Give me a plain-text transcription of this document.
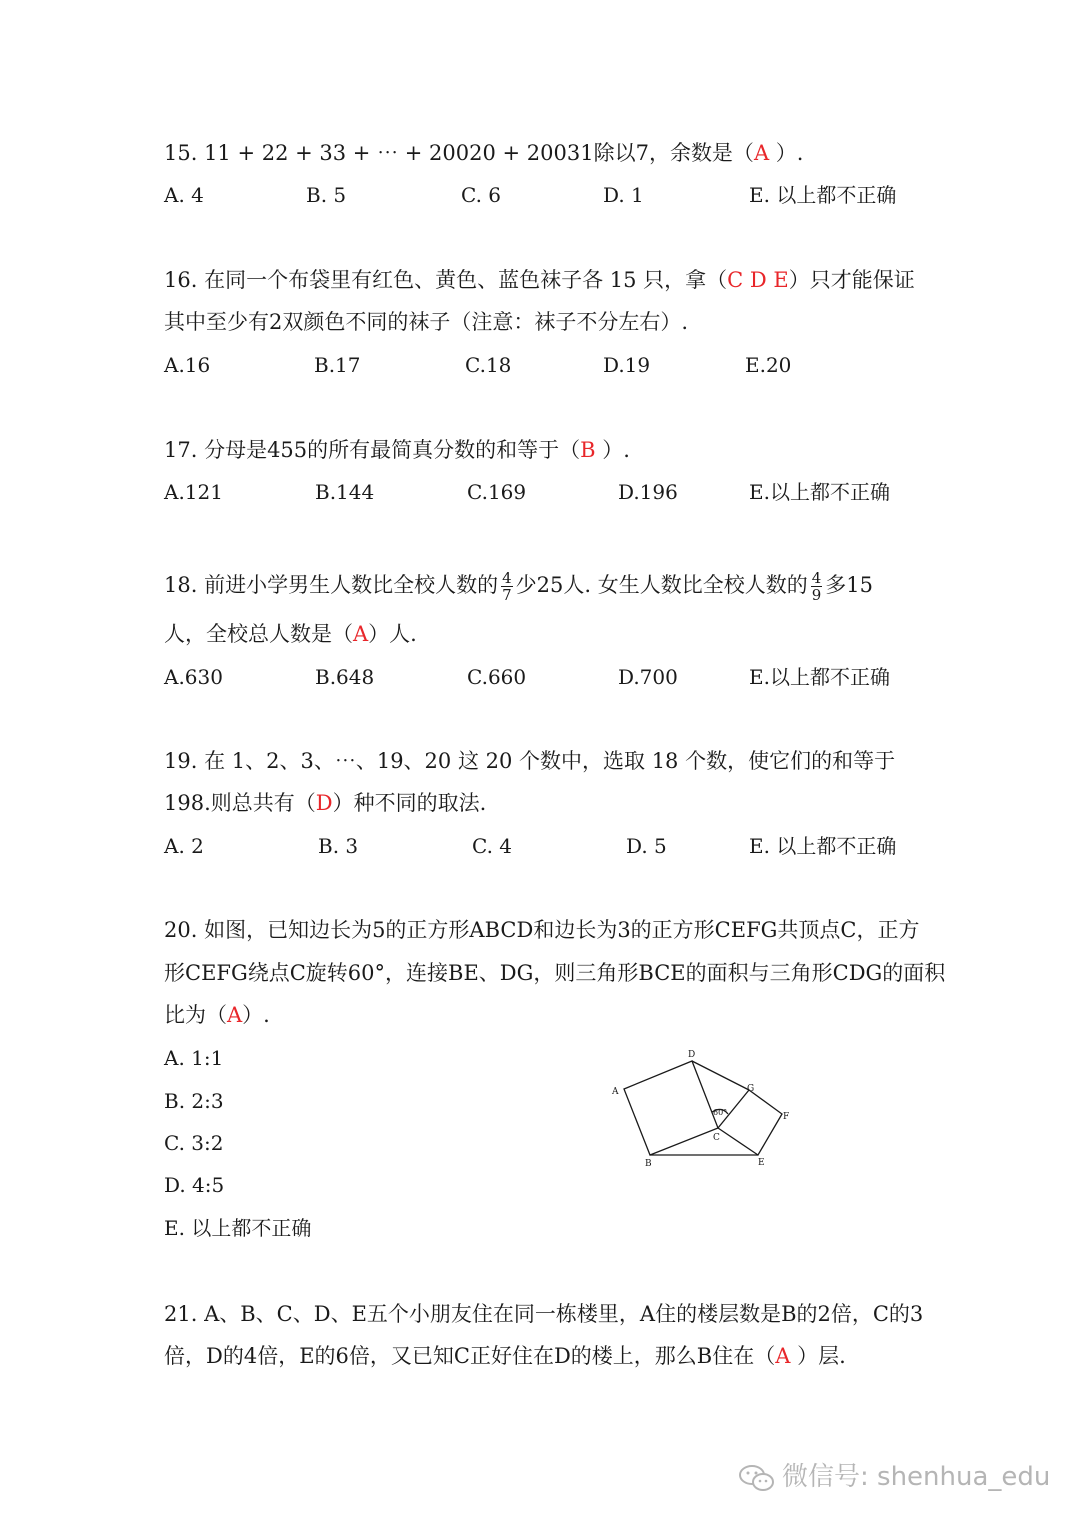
15. 11 + 22 + 33 + ⋯ + 20020 + 20031除以7，余数是（A ）.
A. 4	B. 5	C. 6	D. 1	E. 以上都不正确
16. 在同一个布袋里有红色、黄色、蓝色袜子各 15 只，拿（C D E）只才能保证
其中至少有2双颜色不同的袜子（注意：袜子不分左右）.
A.16	B.17	C.18	D.19	E.20
17. 分母是455的所有最简真分数的和等于（B ）.
A.121	B.144	C.169	D.196	E.以上都不正确
18. 前进小学男生人数比全校人数的 $\frac{4}{7}$ 少25人. 女生人数比全校人数的 $\frac{4}{9}$ 多15
人，全校总人数是（A）人.
A.630	B.648	C.660	D.700	E.以上都不正确
19. 在 1、2、3、⋯、19、20 这 20 个数中，选取 18 个数，使它们的和等于
198.则总共有（D）种不同的取法.
A. 2	B. 3	C. 4	D. 5	E. 以上都不正确
20. 如图，已知边长为5的正方形ABCD和边长为3的正方形CEFG共顶点C，正方
形CEFG绕点C旋转60°，连接BE、DG，则三角形BCE的面积与三角形CDG的面积
比为（A）.
A. 1:1
B. 2:3
C. 3:2
D. 4:5
E. 以上都不正确
A
B
C
D
E
F
G
60°
21. A、B、C、D、E五个小朋友住在同一栋楼里，A住的楼层数是B的2倍，C的3
倍，D的4倍，E的6倍，又已知C正好住在D的楼上，那么B住在（A ）层.
微信号: shenhua_edu
